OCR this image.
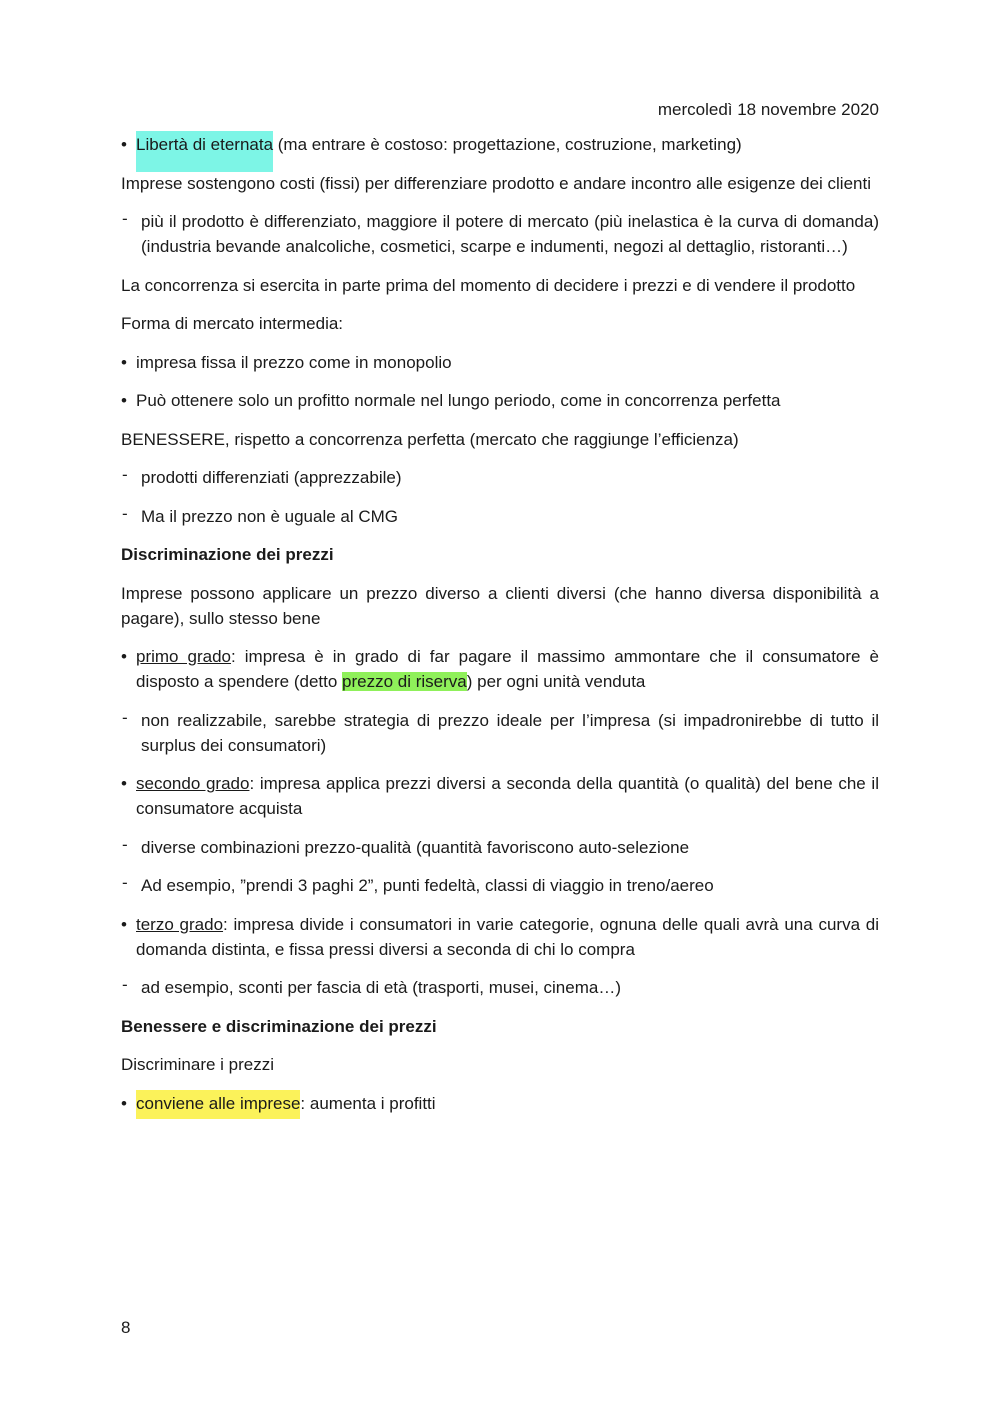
mercoledì 18 novembre 2020

• Libertà di eternata (ma entrare è costoso: progettazione, costruzione, marketing)

Imprese sostengono costi (fissi) per differenziare prodotto e andare incontro alle esigenze dei clienti

- più il prodotto è differenziato, maggiore il potere di mercato (più inelastica è la curva di domanda) (industria bevande analcoliche, cosmetici, scarpe e indumenti, negozi al dettaglio, ristoranti…)

La concorrenza si esercita in parte prima del momento di decidere i prezzi e di vendere il prodotto

Forma di mercato intermedia:

• impresa fissa il prezzo come in monopolio

• Può ottenere solo un profitto normale nel lungo periodo, come in concorrenza perfetta

BENESSERE, rispetto a concorrenza perfetta (mercato che raggiunge l’efficienza)

- prodotti differenziati (apprezzabile)

- Ma il prezzo non è uguale al CMG

Discriminazione dei prezzi

Imprese possono applicare un prezzo diverso a clienti diversi (che hanno diversa disponibilità a pagare), sullo stesso bene

• primo grado: impresa è in grado di far pagare il massimo ammontare che il consumatore è disposto a spendere (detto prezzo di riserva) per ogni unità venduta

- non realizzabile, sarebbe strategia di prezzo ideale per l’impresa (si impadronirebbe di tutto il surplus dei consumatori)

• secondo grado: impresa applica prezzi diversi a seconda della quantità (o qualità) del bene che il consumatore acquista

- diverse combinazioni prezzo-qualità (quantità favoriscono auto-selezione

- Ad esempio, ”prendi 3 paghi 2”, punti fedeltà, classi di viaggio in treno/aereo

• terzo grado: impresa divide i consumatori in varie categorie, ognuna delle quali avrà una curva di domanda distinta, e fissa pressi diversi a seconda di chi lo compra

- ad esempio, sconti per fascia di età (trasporti, musei, cinema…)

Benessere e discriminazione dei prezzi

Discriminare i prezzi

• conviene alle imprese: aumenta i profitti

8
